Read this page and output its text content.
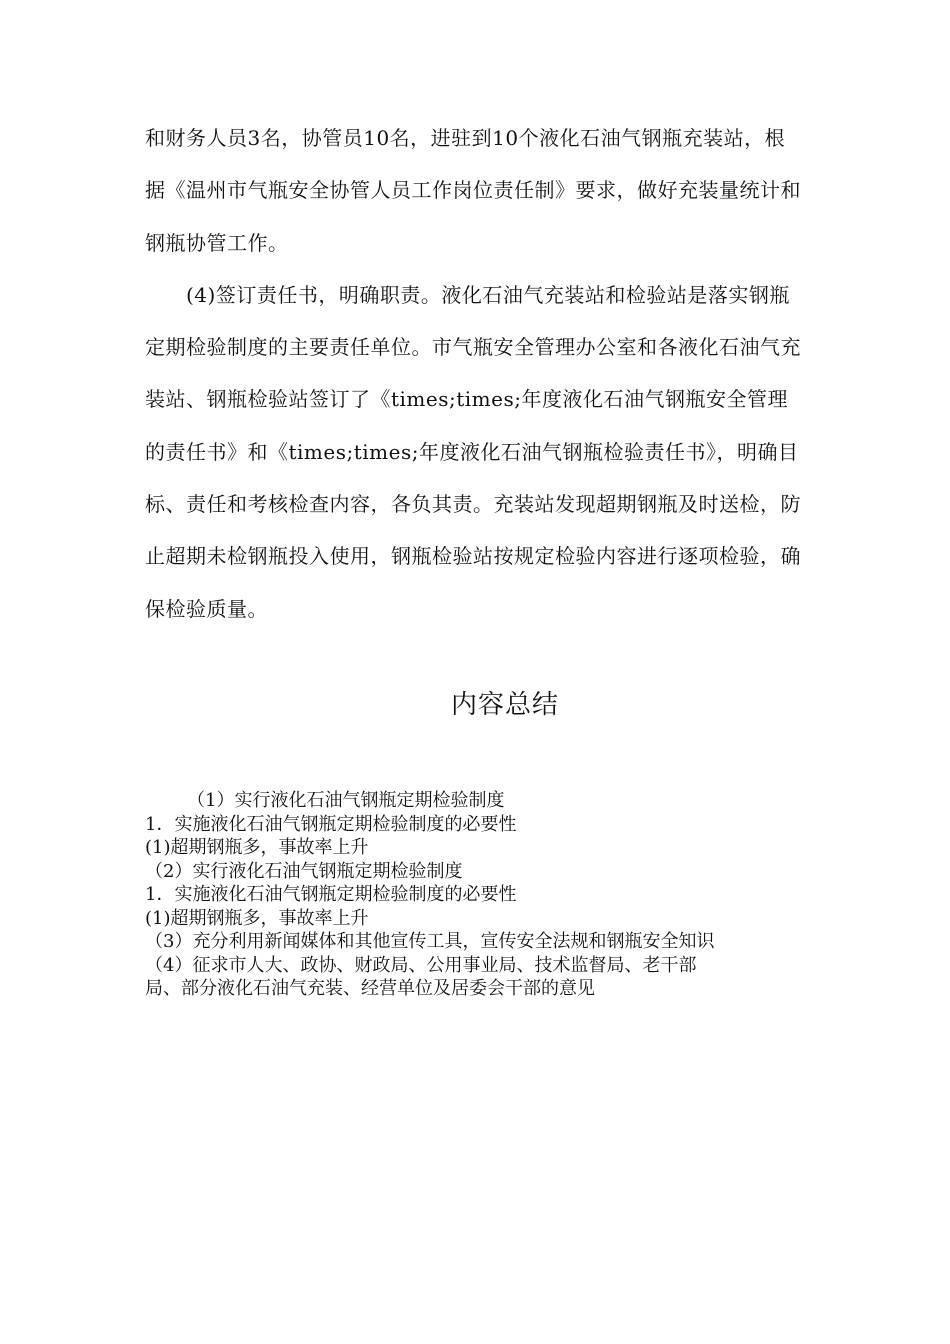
和财务人员3名，协管员10名，进驻到10个液化石油气钢瓶充装站，根据《温州市气瓶安全协管人员工作岗位责任制》要求，做好充装量统计和钢瓶协管工作。

(4)签订责任书，明确职责。液化石油气充装站和检验站是落实钢瓶定期检验制度的主要责任单位。市气瓶安全管理办公室和各液化石油气充装站、钢瓶检验站签订了《times;times;年度液化石油气钢瓶安全管理的责任书》和《times;times;年度液化石油气钢瓶检验责任书》，明确目标、责任和考核检查内容，各负其责。充装站发现超期钢瓶及时送检，防止超期未检钢瓶投入使用，钢瓶检验站按规定检验内容进行逐项检验，确保检验质量。

内容总结
（1）实行液化石油气钢瓶定期检验制度
1．实施液化石油气钢瓶定期检验制度的必要性
(1)超期钢瓶多，事故率上升
（2）实行液化石油气钢瓶定期检验制度
1．实施液化石油气钢瓶定期检验制度的必要性
(1)超期钢瓶多，事故率上升
（3）充分利用新闻媒体和其他宣传工具，宣传安全法规和钢瓶安全知识
（4）征求市人大、政协、财政局、公用事业局、技术监督局、老干部
局、部分液化石油气充装、经营单位及居委会干部的意见
